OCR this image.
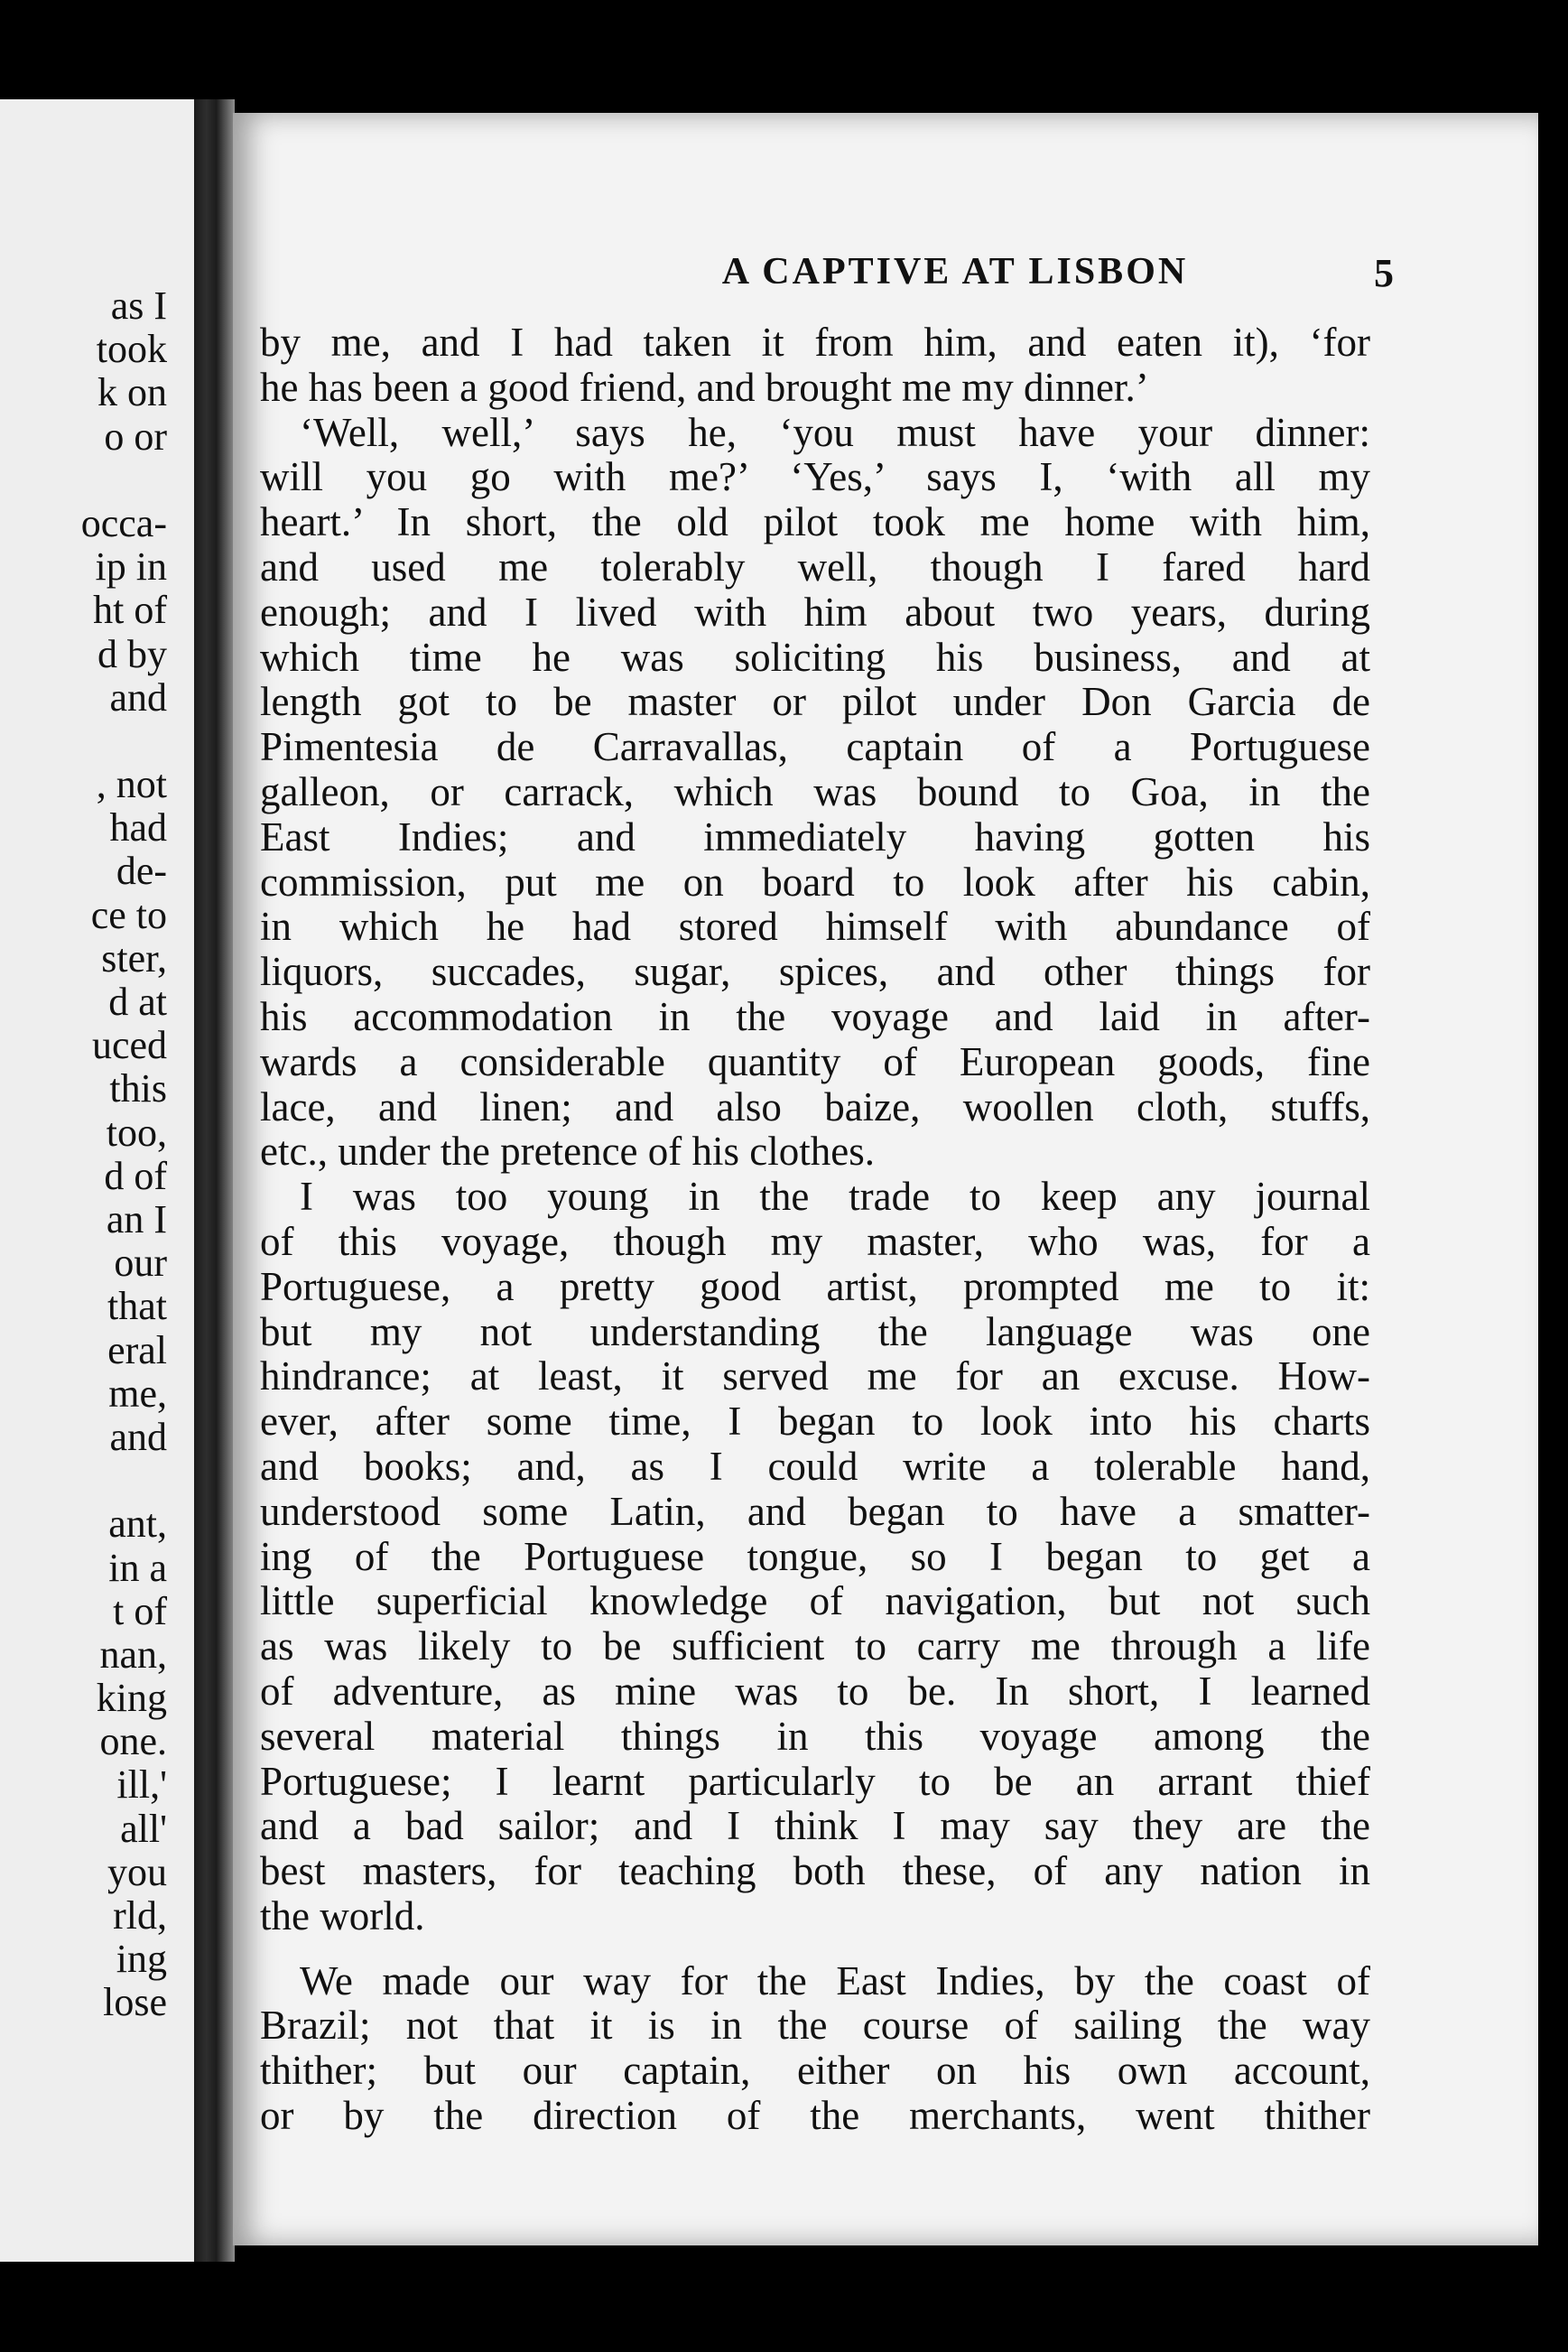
as I
took
k on
o or
occa-
ip in
ht of
d by
and
, not
had
de-
ce to
ster,
d at
uced
this
too,
d of
an I
our
that
eral
me,
and
ant,
in a
t of
nan,
king
one.
ill,'
all'
you
rld,
ing
lose
A CAPTIVE AT LISBON	5
by me, and I had taken it from him, and eaten it), ‘for
he has been a good friend, and brought me my dinner.’
‘Well, well,’ says he, ‘you must have your dinner:
will you go with me?’ ‘Yes,’ says I, ‘with all my
heart.’ In short, the old pilot took me home with him,
and used me tolerably well, though I fared hard
enough; and I lived with him about two years, during
which time he was soliciting his business, and at
length got to be master or pilot under Don Garcia de
Pimentesia de Carravallas, captain of a Portuguese
galleon, or carrack, which was bound to Goa, in the
East Indies; and immediately having gotten his
commission, put me on board to look after his cabin,
in which he had stored himself with abundance of
liquors, succades, sugar, spices, and other things for
his accommodation in the voyage and laid in after-
wards a considerable quantity of European goods, fine
lace, and linen; and also baize, woollen cloth, stuffs,
etc., under the pretence of his clothes.
I was too young in the trade to keep any journal
of this voyage, though my master, who was, for a
Portuguese, a pretty good artist, prompted me to it:
but my not understanding the language was one
hindrance; at least, it served me for an excuse. How-
ever, after some time, I began to look into his charts
and books; and, as I could write a tolerable hand,
understood some Latin, and began to have a smatter-
ing of the Portuguese tongue, so I began to get a
little superficial knowledge of navigation, but not such
as was likely to be sufficient to carry me through a life
of adventure, as mine was to be. In short, I learned
several material things in this voyage among the
Portuguese; I learnt particularly to be an arrant thief
and a bad sailor; and I think I may say they are the
best masters, for teaching both these, of any nation in
the world.
We made our way for the East Indies, by the coast of
Brazil; not that it is in the course of sailing the way
thither; but our captain, either on his own account,
or by the direction of the merchants, went thither
